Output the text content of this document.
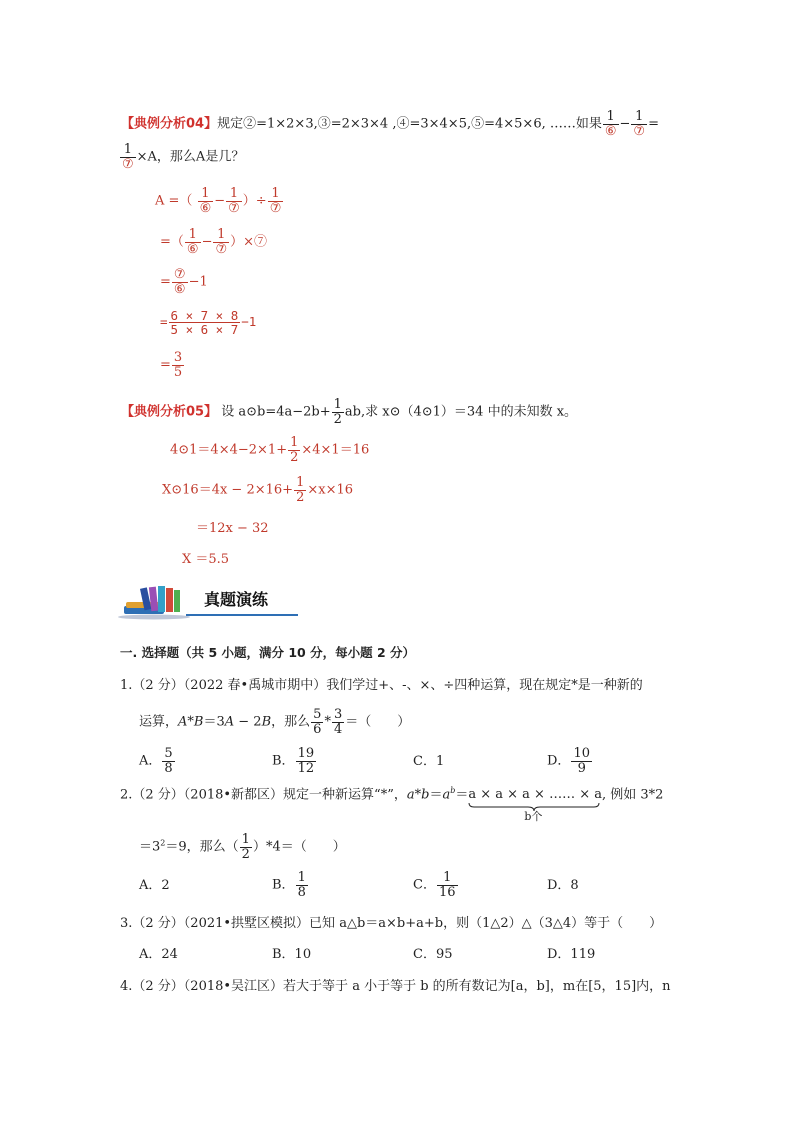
【典例分析04】规定②=1×2×3,③=2×3×4 ,④=3×4×5,⑤=4×5×6, ……如果 $\frac{1}{\text{⑥}} - \frac{1}{\text{⑦}}$ =
$\frac{1}{\text{⑦}} \times A$，那么A是几？
A =（ $\frac{1}{\text{⑥}} - \frac{1}{\text{⑦}}$ ）÷ $\frac{1}{\text{⑦}}$
=（ $\frac{1}{\text{⑥}} - \frac{1}{\text{⑦}}$ ）×⑦
= $\frac{\text{⑦}}{\text{⑥}} -1$
= $\frac{6 \times 7 \times 8}{5 \times 6 \times 7} -1$
= $\frac{3}{5}$
【典例分析05】 设 a⊙b=4a−2b+ $\frac{1}{2}$ ab,求 x⊙（4⊙1）＝34 中的未知数 x。
4⊙1＝4×4−2×1+ $\frac{1}{2} \times 4\times 1=16$
X⊙16＝4x − $2\times 16+ \frac{1}{2} \times x\times 16$
＝12x − 32
X ＝5.5
真题演练
一. 选择题（共 5 小题，满分 10 分，每小题 2 分）
1.（2 分）（2022 春•禹城市期中）我们学过+、-、×、÷四种运算，现在规定*是一种新的
运算，A*B＝3A − 2B，那么 $\frac{5}{6} * \frac{3}{4}$ ＝（　　）
A． $\frac{5}{8}$	B． $\frac{19}{12}$	C．1	D． $\frac{10}{9}$
2.（2 分）（2018•新都区）规定一种新运算“*”，$a*b=a^b=a \times a \times a$ × …… × a
b个
, 例如 3*2
$=3^2=9$，那么（ $\frac{1}{2} )*4=$（　　）
A．2	B． $\frac{1}{8}$	C． $\frac{1}{16}$	D．8
3.（2 分）（2021•拱墅区模拟）已知 a△b＝a×b+a+b，则（1△2）△（3△4）等于（　　）
A．24	B．10	C．95	D．119
4.（2 分）（2018•吴江区）若大于等于 a 小于等于 b 的所有数记为[a，b]，m在[5，15]内，n
